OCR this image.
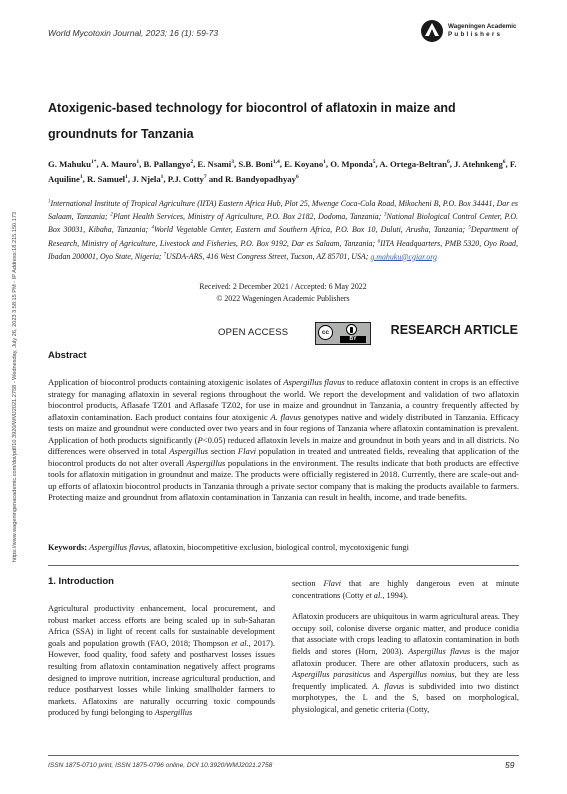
World Mycotoxin Journal, 2023; 16 (1): 59-73
Wageningen Academic
Publishers
https://www.wageningenacademic.com/doi/pdf/10.3920/WMJ2021.2758 - Wednesday, July 26, 2023 3:58:15 PM - IP Address:18.215.150.173
Atoxigenic-based technology for biocontrol of aflatoxin in maize and groundnuts for Tanzania
G. Mahuku$^{1*}$, A. Mauro$^1$, B. Pallangyo$^2$, E. Nsami$^3$, S.B. Boni$^{1,4}$, E. Koyano$^1$, O. Mponda$^5$, A. Ortega-Beltran$^6$, J. Atehnkeng$^6$, F. Aquiline$^1$, R. Samuel$^1$, J. Njela$^1$, P.J. Cotty$^7$ and R. Bandyopadhyay$^6$
$^1$International Institute of Tropical Agriculture (IITA) Eastern Africa Hub, Plot 25, Mwenge Coca-Cola Road, Mikocheni B, P.O. Box 34441, Dar es Salaam, Tanzania; $^2$Plant Health Services, Ministry of Agriculture, P.O. Box 2182, Dodoma, Tanzania; $^3$National Biological Control Center, P.O. Box 30031, Kibaha, Tanzania; $^4$World Vegetable Center, Eastern and Southern Africa, P.O. Box 10, Duluti, Arusha, Tanzania; $^5$Department of Research, Ministry of Agriculture, Livestock and Fisheries, P.O. Box 9192, Dar es Salaam, Tanzania; $^6$IITA Headquarters, PMB 5320, Oyo Road, Ibadan 200001, Oyo State, Nigeria; $^7$USDA-ARS, 416 West Congress Street, Tucson, AZ 85701, USA; g.mahuku@cgiar.org
Received: 2 December 2021 / Accepted: 6 May 2022
© 2022 Wageningen Academic Publishers
OPEN ACCESS	cc
BY
RESEARCH ARTICLE
Abstract
Application of biocontrol products containing atoxigenic isolates of Aspergillus flavus to reduce aflatoxin content in crops is an effective strategy for managing aflatoxin in several regions throughout the world. We report the development and validation of two aflatoxin biocontrol products, Aflasafe TZ01 and Aflasafe TZ02, for use in maize and groundnut in Tanzania, a country frequently affected by aflatoxin contamination. Each product contains four atoxigenic A. flavus genotypes native and widely distributed in Tanzania. Efficacy tests on maize and groundnut were conducted over two years and in four regions of Tanzania where aflatoxin contamination is prevalent. Application of both products significantly (P<0.05) reduced aflatoxin levels in maize and groundnut in both years and in all districts. No differences were observed in total Aspergillus section Flavi population in treated and untreated fields, revealing that application of the biocontrol products do not alter overall Aspergillus populations in the environment. The results indicate that both products are effective tools for aflatoxin mitigation in groundnut and maize. The products were officially registered in 2018. Currently, there are scale-out and-up efforts of aflatoxin biocontrol products in Tanzania through a private sector company that is making the products available to farmers. Protecting maize and groundnut from aflatoxin contamination in Tanzania can result in health, income, and trade benefits.
Keywords: Aspergillus flavus, aflatoxin, biocompetitive exclusion, biological control, mycotoxigenic fungi
1. Introduction

Agricultural productivity enhancement, local procurement, and robust market access efforts are being scaled up in sub-Saharan Africa (SSA) in light of recent calls for sustainable development goals and population growth (FAO, 2018; Thompson et al., 2017). However, food quality, food safety and postharvest losses issues resulting from aflatoxin contamination negatively affect programs designed to improve nutrition, increase agricultural production, and reduce postharvest losses while linking smallholder farmers to markets. Aflatoxins are naturally occurring toxic compounds produced by fungi belonging to Aspergillus

section Flavi that are highly dangerous even at minute concentrations (Cotty et al., 1994).

Aflatoxin producers are ubiquitous in warm agricultural areas. They occupy soil, colonise diverse organic matter, and produce conidia that associate with crops leading to aflatoxin contamination in both fields and stores (Horn, 2003). Aspergillus flavus is the major aflatoxin producer. There are other aflatoxin producers, such as Aspergillus parasiticus and Aspergillus nomius, but they are less frequently implicated. A. flavus is subdivided into two distinct morphotypes, the L and the S, based on morphological, physiological, and genetic criteria (Cotty,

ISSN 1875-0710 print, ISSN 1875-0796 online, DOI 10.3920/WMJ2021.2758	59
